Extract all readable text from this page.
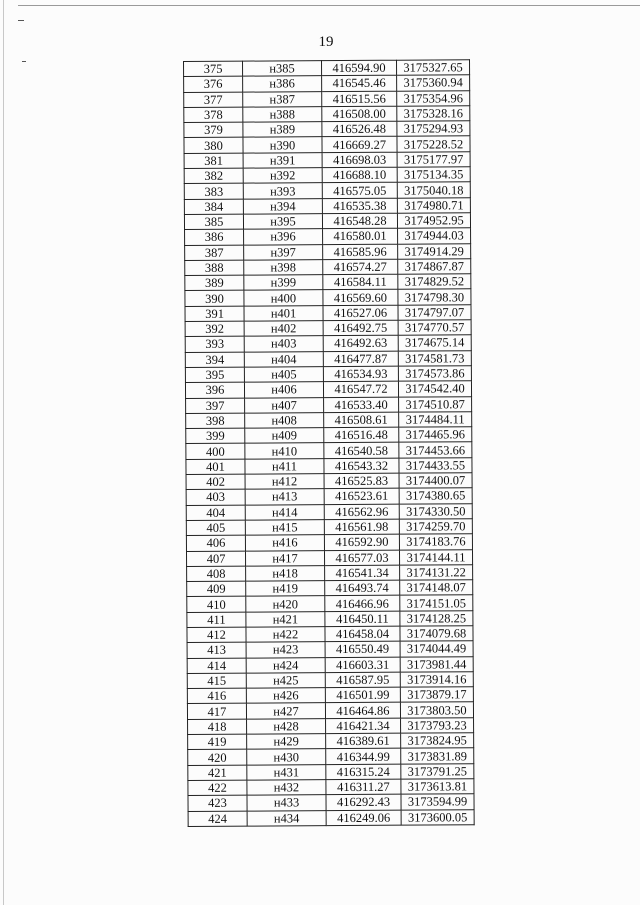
19
375	н385	416594.90	3175327.65
376	н386	416545.46	3175360.94
377	н387	416515.56	3175354.96
378	н388	416508.00	3175328.16
379	н389	416526.48	3175294.93
380	н390	416669.27	3175228.52
381	н391	416698.03	3175177.97
382	н392	416688.10	3175134.35
383	н393	416575.05	3175040.18
384	н394	416535.38	3174980.71
385	н395	416548.28	3174952.95
386	н396	416580.01	3174944.03
387	н397	416585.96	3174914.29
388	н398	416574.27	3174867.87
389	н399	416584.11	3174829.52
390	н400	416569.60	3174798.30
391	н401	416527.06	3174797.07
392	н402	416492.75	3174770.57
393	н403	416492.63	3174675.14
394	н404	416477.87	3174581.73
395	н405	416534.93	3174573.86
396	н406	416547.72	3174542.40
397	н407	416533.40	3174510.87
398	н408	416508.61	3174484.11
399	н409	416516.48	3174465.96
400	н410	416540.58	3174453.66
401	н411	416543.32	3174433.55
402	н412	416525.83	3174400.07
403	н413	416523.61	3174380.65
404	н414	416562.96	3174330.50
405	н415	416561.98	3174259.70
406	н416	416592.90	3174183.76
407	н417	416577.03	3174144.11
408	н418	416541.34	3174131.22
409	н419	416493.74	3174148.07
410	н420	416466.96	3174151.05
411	н421	416450.11	3174128.25
412	н422	416458.04	3174079.68
413	н423	416550.49	3174044.49
414	н424	416603.31	3173981.44
415	н425	416587.95	3173914.16
416	н426	416501.99	3173879.17
417	н427	416464.86	3173803.50
418	н428	416421.34	3173793.23
419	н429	416389.61	3173824.95
420	н430	416344.99	3173831.89
421	н431	416315.24	3173791.25
422	н432	416311.27	3173613.81
423	н433	416292.43	3173594.99
424	н434	416249.06	3173600.05
